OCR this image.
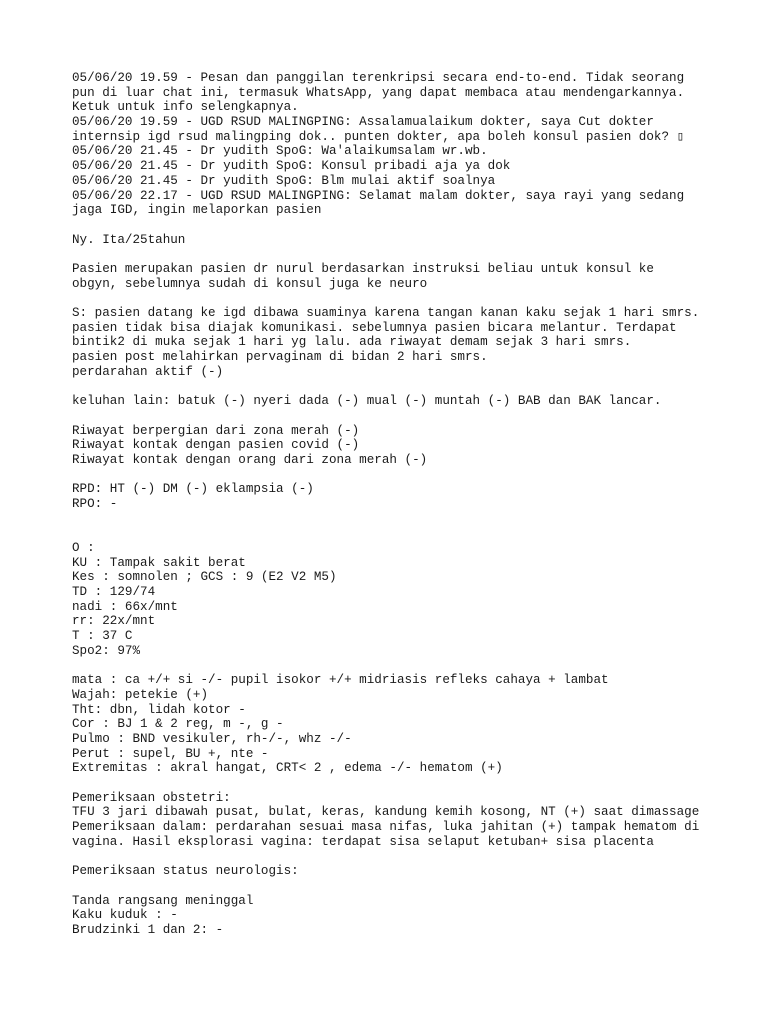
05/06/20 19.59 - Pesan dan panggilan terenkripsi secara end-to-end. Tidak seorang
pun di luar chat ini, termasuk WhatsApp, yang dapat membaca atau mendengarkannya.
Ketuk untuk info selengkapnya.
05/06/20 19.59 - UGD RSUD MALINGPING: Assalamualaikum dokter, saya Cut dokter
internsip igd rsud malingping dok.. punten dokter, apa boleh konsul pasien dok? ▯
05/06/20 21.45 - Dr yudith SpoG: Wa'alaikumsalam wr.wb.
05/06/20 21.45 - Dr yudith SpoG: Konsul pribadi aja ya dok
05/06/20 21.45 - Dr yudith SpoG: Blm mulai aktif soalnya
05/06/20 22.17 - UGD RSUD MALINGPING: Selamat malam dokter, saya rayi yang sedang
jaga IGD, ingin melaporkan pasien
Ny. Ita/25tahun
Pasien merupakan pasien dr nurul berdasarkan instruksi beliau untuk konsul ke
obgyn, sebelumnya sudah di konsul juga ke neuro
S: pasien datang ke igd dibawa suaminya karena tangan kanan kaku sejak 1 hari smrs.
pasien tidak bisa diajak komunikasi. sebelumnya pasien bicara melantur. Terdapat
bintik2 di muka sejak 1 hari yg lalu. ada riwayat demam sejak 3 hari smrs.
pasien post melahirkan pervaginam di bidan 2 hari smrs.
perdarahan aktif (-)
keluhan lain: batuk (-) nyeri dada (-) mual (-) muntah (-) BAB dan BAK lancar.
Riwayat berpergian dari zona merah (-)
Riwayat kontak dengan pasien covid (-)
Riwayat kontak dengan orang dari zona merah (-)
RPD: HT (-) DM (-) eklampsia (-)
RPO: -
O :
KU : Tampak sakit berat
Kes : somnolen ; GCS : 9 (E2 V2 M5)
TD : 129/74
nadi : 66x/mnt
rr: 22x/mnt
T : 37 C
Spo2: 97%
mata : ca +/+ si -/- pupil isokor +/+ midriasis refleks cahaya + lambat
Wajah: petekie (+)
Tht: dbn, lidah kotor -
Cor : BJ 1 & 2 reg, m -, g -
Pulmo : BND vesikuler, rh-/-, whz -/-
Perut : supel, BU +, nte -
Extremitas : akral hangat, CRT< 2 , edema -/- hematom (+)
Pemeriksaan obstetri:
TFU 3 jari dibawah pusat, bulat, keras, kandung kemih kosong, NT (+) saat dimassage
Pemeriksaan dalam: perdarahan sesuai masa nifas, luka jahitan (+) tampak hematom di
vagina. Hasil eksplorasi vagina: terdapat sisa selaput ketuban+ sisa placenta
Pemeriksaan status neurologis:
Tanda rangsang meninggal
Kaku kuduk : -
Brudzinki 1 dan 2: -
